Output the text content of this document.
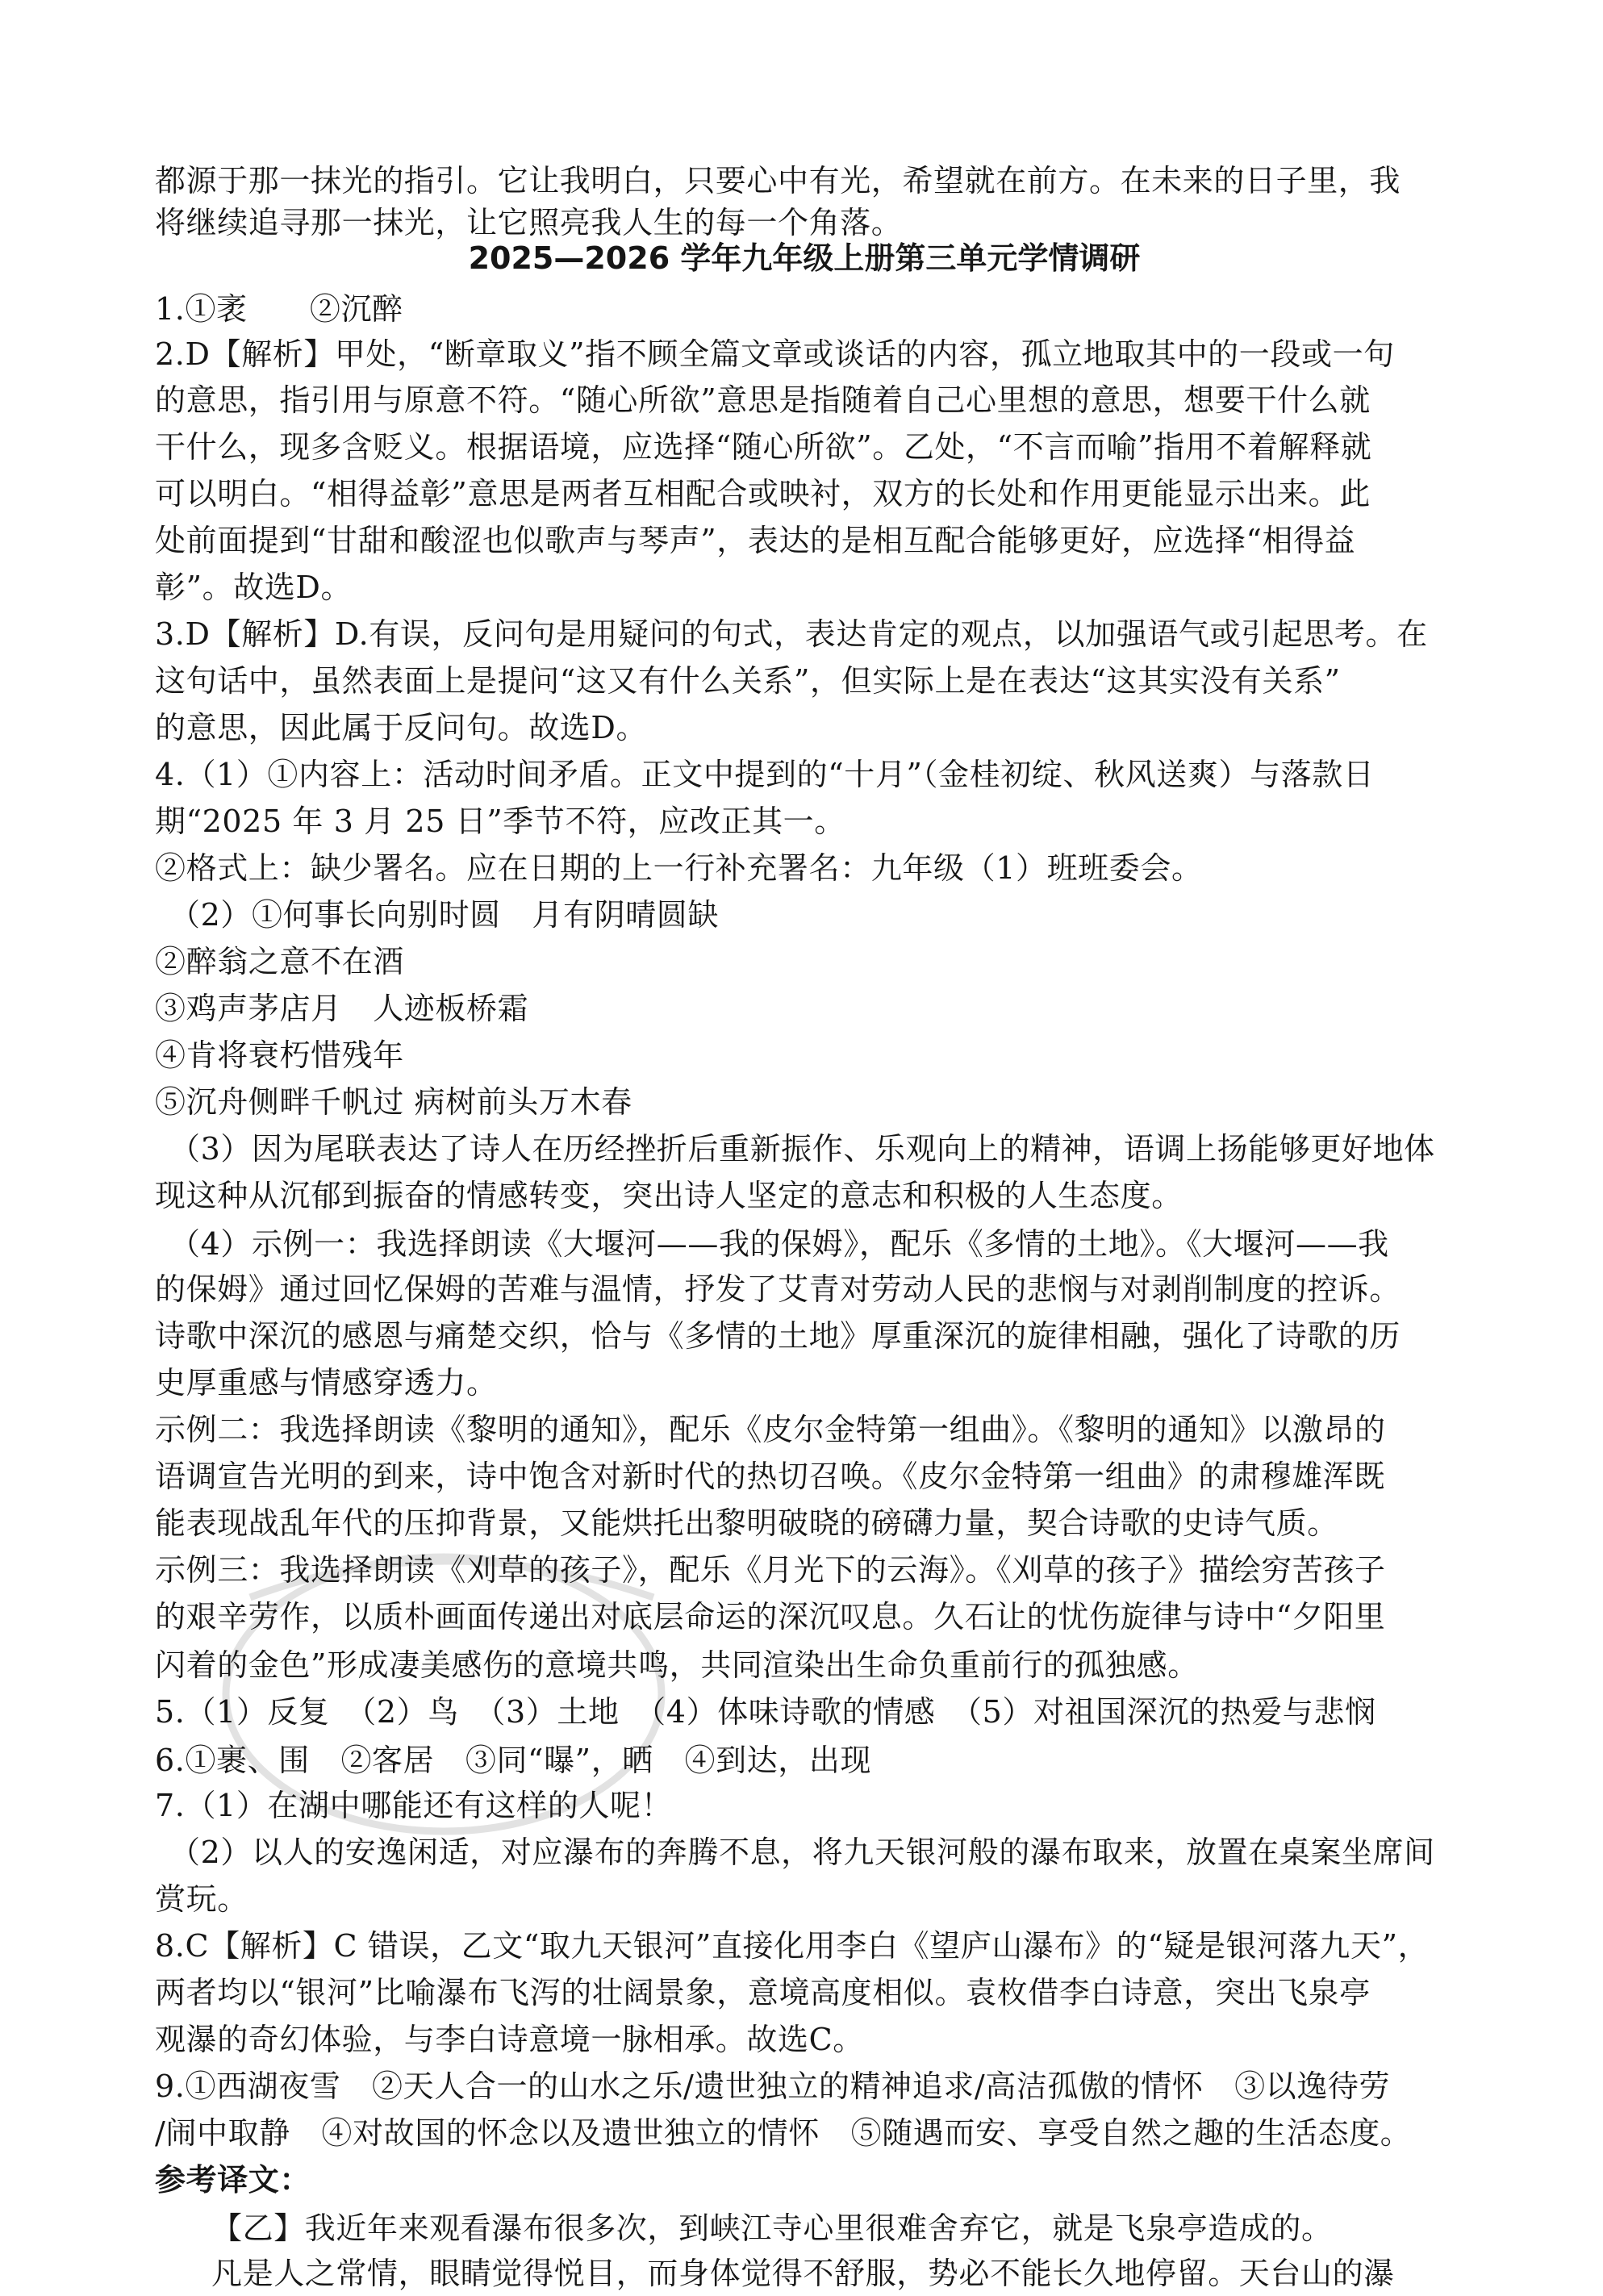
都源于那一抹光的指引。它让我明白，只要心中有光，希望就在前方。在未来的日子里，我
将继续追寻那一抹光，让它照亮我人生的每一个角落。
2025—2026 学年九年级上册第三单元学情调研
1.①袤　　②沉醉
2.D【解析】甲处，“断章取义”指不顾全篇文章或谈话的内容，孤立地取其中的一段或一句
的意思，指引用与原意不符。“随心所欲”意思是指随着自己心里想的意思，想要干什么就
干什么，现多含贬义。根据语境，应选择“随心所欲”。乙处，“不言而喻”指用不着解释就
可以明白。“相得益彰”意思是两者互相配合或映衬，双方的长处和作用更能显示出来。此
处前面提到“甘甜和酸涩也似歌声与琴声”，表达的是相互配合能够更好，应选择“相得益
彰”。故选D。
3.D【解析】D.有误，反问句是用疑问的句式，表达肯定的观点，以加强语气或引起思考。在
这句话中，虽然表面上是提问“这又有什么关系”，但实际上是在表达“这其实没有关系”
的意思，因此属于反问句。故选D。
4.（1）①内容上：活动时间矛盾。正文中提到的“十月”（金桂初绽、秋风送爽）与落款日
期“2025 年 3 月 25 日”季节不符，应改正其一。
②格式上：缺少署名。应在日期的上一行补充署名：九年级（1）班班委会。
（2）①何事长向别时圆　月有阴晴圆缺
②醉翁之意不在酒
③鸡声茅店月　人迹板桥霜
④肯将衰朽惜残年
⑤沉舟侧畔千帆过 病树前头万木春
（3）因为尾联表达了诗人在历经挫折后重新振作、乐观向上的精神，语调上扬能够更好地体
现这种从沉郁到振奋的情感转变，突出诗人坚定的意志和积极的人生态度。
（4）示例一：我选择朗读《大堰河——我的保姆》，配乐《多情的土地》。《大堰河——我
的保姆》通过回忆保姆的苦难与温情，抒发了艾青对劳动人民的悲悯与对剥削制度的控诉。
诗歌中深沉的感恩与痛楚交织，恰与《多情的土地》厚重深沉的旋律相融，强化了诗歌的历
史厚重感与情感穿透力。
示例二：我选择朗读《黎明的通知》，配乐《皮尔金特第一组曲》。《黎明的通知》以激昂的
语调宣告光明的到来，诗中饱含对新时代的热切召唤。《皮尔金特第一组曲》的肃穆雄浑既
能表现战乱年代的压抑背景，又能烘托出黎明破晓的磅礴力量，契合诗歌的史诗气质。
示例三：我选择朗读《刈草的孩子》，配乐《月光下的云海》。《刈草的孩子》描绘穷苦孩子
的艰辛劳作，以质朴画面传递出对底层命运的深沉叹息。久石让的忧伤旋律与诗中“夕阳里
闪着的金色”形成凄美感伤的意境共鸣，共同渲染出生命负重前行的孤独感。
5.（1）反复　（2）鸟　（3）土地　（4）体味诗歌的情感　（5）对祖国深沉的热爱与悲悯
6.①裹、围　②客居　③同“曝”，晒　④到达，出现
7.（1）在湖中哪能还有这样的人呢！
（2）以人的安逸闲适，对应瀑布的奔腾不息，将九天银河般的瀑布取来，放置在桌案坐席间
赏玩。
8.C【解析】C 错误，乙文“取九天银河”直接化用李白《望庐山瀑布》的“疑是银河落九天”，
两者均以“银河”比喻瀑布飞泻的壮阔景象，意境高度相似。袁枚借李白诗意，突出飞泉亭
观瀑的奇幻体验，与李白诗意境一脉相承。故选C。
9.①西湖夜雪　②天人合一的山水之乐/遗世独立的精神追求/高洁孤傲的情怀　③以逸待劳
/闹中取静　④对故国的怀念以及遗世独立的情怀　⑤随遇而安、享受自然之趣的生活态度。
参考译文：
【乙】我近年来观看瀑布很多次，到峡江寺心里很难舍弃它，就是飞泉亭造成的。
凡是人之常情，眼睛觉得悦目，而身体觉得不舒服，势必不能长久地停留。天台山的瀑
